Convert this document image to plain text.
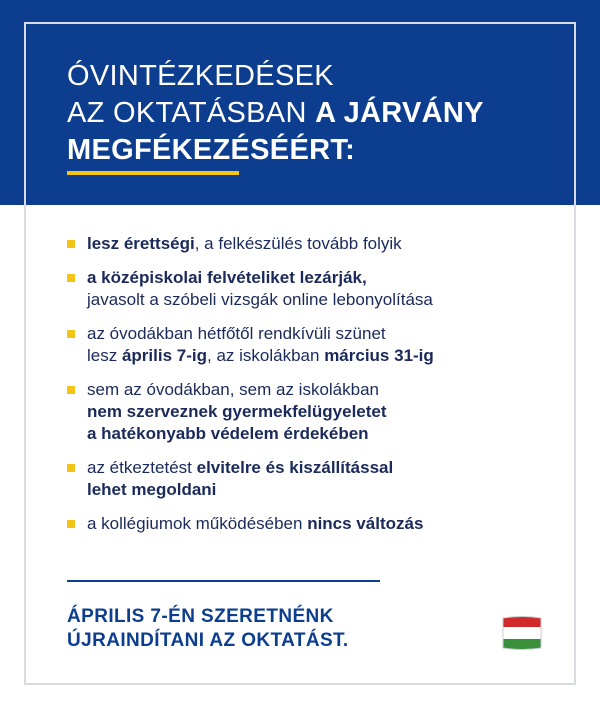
ÓVINTÉZKEDÉSEK
AZ OKTATÁSBAN A JÁRVÁNY
MEGFÉKEZÉSÉÉRT:
lesz érettségi, a felkészülés tovább folyik
a középiskolai felvételiket lezárják,
javasolt a szóbeli vizsgák online lebonyolítása
az óvodákban hétfőtől rendkívüli szünet
lesz április 7-ig, az iskolákban március 31-ig
sem az óvodákban, sem az iskolákban
nem szerveznek gyermekfelügyeletet
a hatékonyabb védelem érdekében
az étkeztetést elvitelre és kiszállítással
lehet megoldani
a kollégiumok működésében nincs változás
ÁPRILIS 7-ÉN SZERETNÉNK
ÚJRAINDÍTANI AZ OKTATÁST.
